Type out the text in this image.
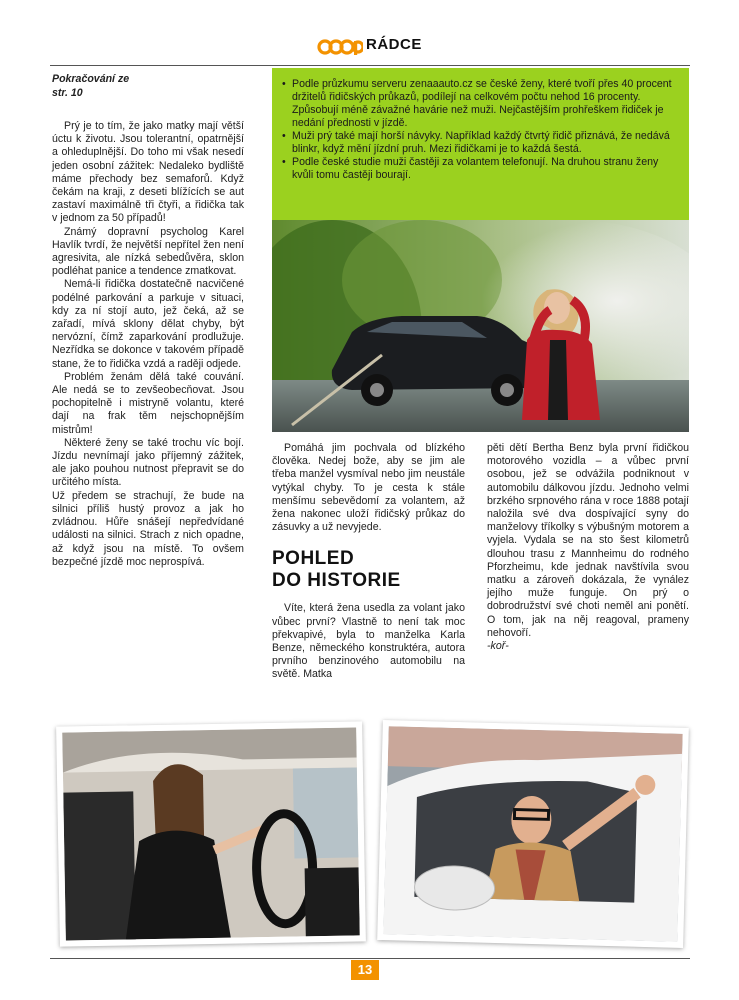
RÁDCE
Pokračování ze str. 10

Prý je to tím, že jako matky mají větší úctu k životu. Jsou tolerantní, opatrnější a ohleduplnější. Do toho mi však nesedí jeden osobní zážitek: Nedaleko bydliště máme přechody bez semaforů. Když čekám na kraji, z deseti blížících se aut zastaví maximálně tři čtyři, a řidička tak v jednom za 50 případů!

Známý dopravní psycholog Karel Havlík tvrdí, že největší nepřítel žen není agresivita, ale nízká sebedůvěra, sklon podléhat panice a tendence zmatkovat.

Nemá-li řidička dostatečně nacvičené podélné parkování a parkuje v situaci, kdy za ní stojí auto, jež čeká, až se zařadí, mívá sklony dělat chyby, být nervózní, čímž zaparkování prodlužuje. Nezřídka se dokonce v takovém případě stane, že to řidička vzdá a raději odjede.

Problém ženám dělá také couvání. Ale nedá se to zevšeobecňovat. Jsou pochopitelně i mistryně volantu, které dají na frak těm nejschopnějším mistrům!

Některé ženy se také trochu víc bojí. Jízdu nevnímají jako příjemný zážitek, ale jako pouhou nutnost přepravit se do určitého místa.

Už předem se strachují, že bude na silnici příliš hustý provoz a jak ho zvládnou. Hůře snášejí nepředvídané události na silnici. Strach z nich opadne, až když jsou na místě. To ovšem bezpečné jízdě moc neprospívá.

• Podle průzkumu serveru zenaaauto.cz se české ženy, které tvoří přes 40 procent držitelů řidičských průkazů, podílejí na celkovém počtu nehod 16 procenty. Způsobují méně závažné havárie než muži. Nejčastějším prohřeškem řidiček je nedání přednosti v jízdě.
• Muži prý také mají horší návyky. Například každý čtvrtý řidič přiznává, že nedává blinkr, když mění jízdní pruh. Mezi řidičkami je to každá šestá.
• Podle české studie muži častěji za volantem telefonují. Na druhou stranu ženy kvůli tomu častěji bourají.

Pomáhá jim pochvala od blízkého člověka. Nedej bože, aby se jim ale třeba manžel vysmíval nebo jim neustále vytýkal chyby. To je cesta k stále menšímu sebevědomí za volantem, až žena nakonec uloží řidičský průkaz do zásuvky a už nevyjede.

POHLED
DO HISTORIE

Víte, která žena usedla za volant jako vůbec první? Vlastně to není tak moc překvapivé, byla to manželka Karla Benze, německého konstruktéra, autora prvního benzinového automobilu na světě. Matka

pěti dětí Bertha Benz byla první řidičkou motorového vozidla – a vůbec první osobou, jež se odvážila podniknout v automobilu dálkovou jízdu. Jednoho velmi brzkého srpnového rána v roce 1888 potají naložila své dva dospívající syny do manželovy tříkolky s výbušným motorem a vyjela. Vydala se na sto šest kilometrů dlouhou trasu z Mannheimu do rodného Pforzheimu, kde jednak navštívila svou matku a zároveň dokázala, že vynález jejího muže funguje. On prý o dobrodružství své choti neměl ani ponětí. O tom, jak na něj reagoval, prameny nehovoří.

-koř-

13
